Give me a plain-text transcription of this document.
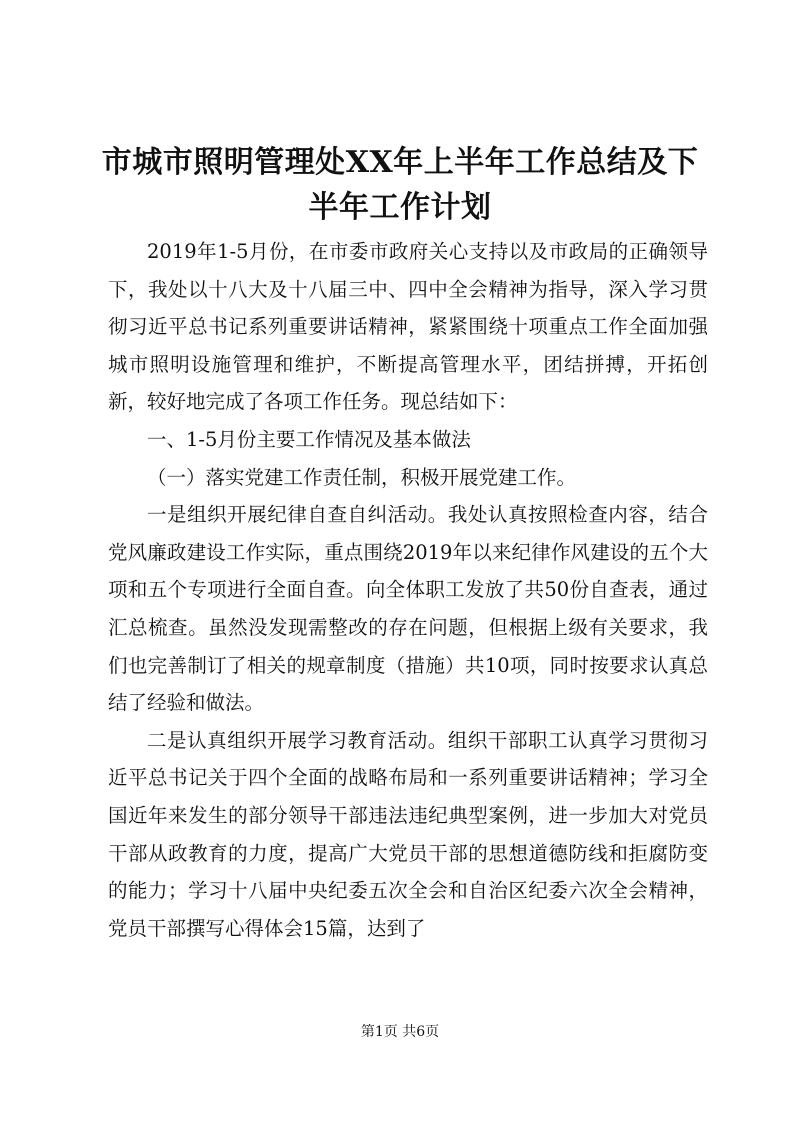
市城市照明管理处XX年上半年工作总结及下
半年工作计划

2019年1-5月份，在市委市政府关心支持以及市政局的正确领导下，我处以十八大及十八届三中、四中全会精神为指导，深入学习贯彻习近平总书记系列重要讲话精神，紧紧围绕十项重点工作全面加强城市照明设施管理和维护，不断提高管理水平，团结拼搏，开拓创新，较好地完成了各项工作任务。现总结如下：

一、1-5月份主要工作情况及基本做法

（一）落实党建工作责任制，积极开展党建工作。

一是组织开展纪律自查自纠活动。我处认真按照检查内容，结合党风廉政建设工作实际，重点围绕2019年以来纪律作风建设的五个大项和五个专项进行全面自查。向全体职工发放了共50份自查表，通过汇总梳查。虽然没发现需整改的存在问题，但根据上级有关要求，我们也完善制订了相关的规章制度（措施）共10项，同时按要求认真总结了经验和做法。

二是认真组织开展学习教育活动。组织干部职工认真学习贯彻习近平总书记关于四个全面的战略布局和一系列重要讲话精神；学习全国近年来发生的部分领导干部违法违纪典型案例，进一步加大对党员干部从政教育的力度，提高广大党员干部的思想道德防线和拒腐防变的能力；学习十八届中央纪委五次全会和自治区纪委六次全会精神，党员干部撰写心得体会15篇，达到了

第1页 共6页
